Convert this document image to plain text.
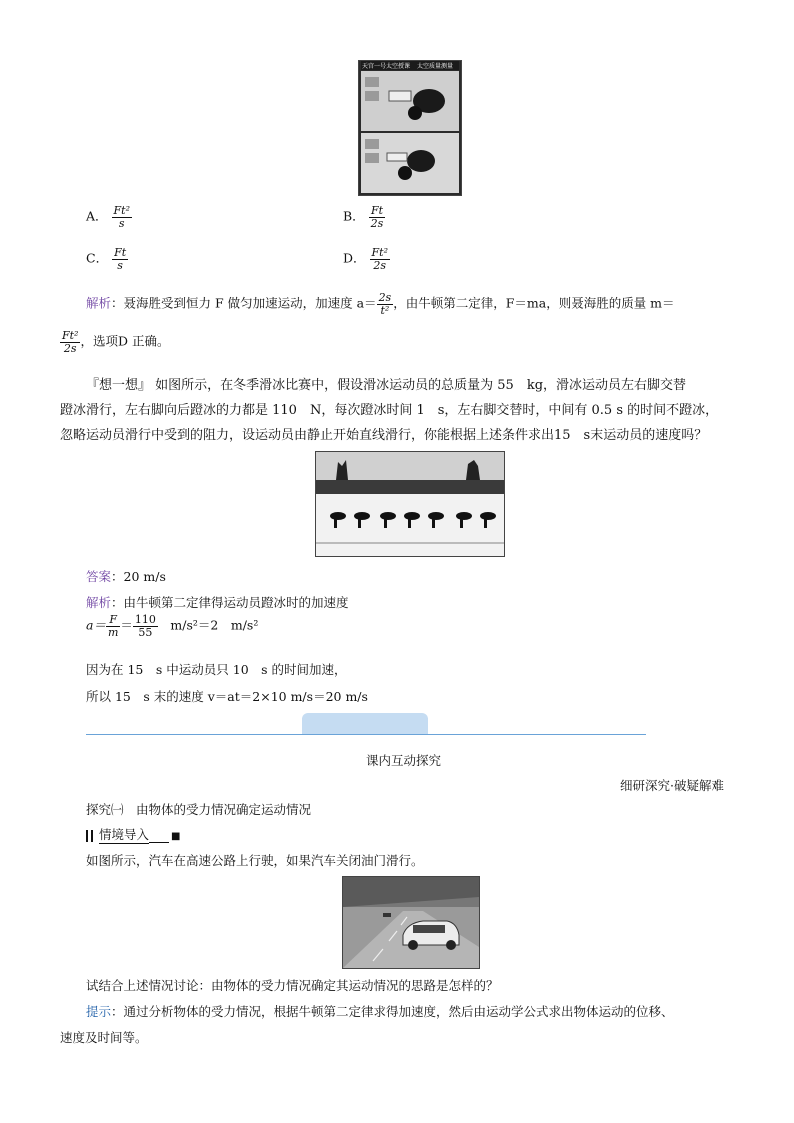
天宫一号太空授课 太空质量测量
A． $\frac{\text{Ft²}}{s}$	B． $\frac{Ft}{2s}$
C． $\frac{Ft}{s}$	D． $\frac{\text{Ft²}}{2s}$
解析：聂海胜受到恒力 F 做匀加速运动，加速度 $a= \frac{2s}{\text{t²}}$ ，由牛顿第二定律，F＝ma，则聂海胜的质量 m＝
$\frac{\text{Ft²}}{2s}$ ，选项D 正确。
『想一想』 如图所示，在冬季滑冰比赛中，假设滑冰运动员的总质量为 55　kg，滑冰运动员左右脚交替
蹬冰滑行，左右脚向后蹬冰的力都是 110　N，每次蹬冰时间 1　s，左右脚交替时，中间有 0.5 s 的时间不蹬冰，
忽略运动员滑行中受到的阻力，设运动员由静止开始直线滑行，你能根据上述条件求出15　s末运动员的速度吗？
答案：20 m/s
解析：由牛顿第二定律得运动员蹬冰时的加速度
$a= \frac{F}{m} = \frac{110}{55}$ 　m/s²＝2　m/s²
因为在 15　s 中运动员只 10　s 的时间加速，
所以 15　s 末的速度 v＝at＝2×10 m/s＝20 m/s
课内互动探究
细研深究·破疑解难
探究㈠　由物体的受力情况确定运动情况
情境导入 ■
如图所示，汽车在高速公路上行驶，如果汽车关闭油门滑行。
试结合上述情况讨论：由物体的受力情况确定其运动情况的思路是怎样的？
提示：通过分析物体的受力情况，根据牛顿第二定律求得加速度，然后由运动学公式求出物体运动的位移、
速度及时间等。
